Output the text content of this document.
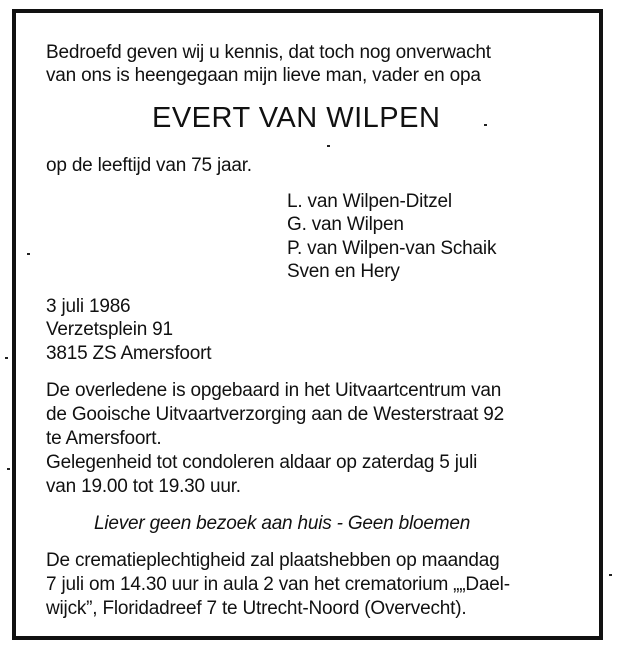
Bedroefd geven wij u kennis, dat toch nog onverwacht
van ons is heengegaan mijn lieve man, vader en opa
EVERT VAN WILPEN
op de leeftijd van 75 jaar.
L. van Wilpen-Ditzel
G. van Wilpen
P. van Wilpen-van Schaik
Sven en Hery
3 juli 1986
Verzetsplein 91
3815 ZS Amersfoort
De overledene is opgebaard in het Uitvaartcentrum van
de Gooische Uitvaartverzorging aan de Westerstraat 92
te Amersfoort.
Gelegenheid tot condoleren aldaar op zaterdag 5 juli
van 19.00 tot 19.30 uur.
Liever geen bezoek aan huis - Geen bloemen
De crematieplechtigheid zal plaatshebben op maandag
7 juli om 14.30 uur in aula 2 van het crematorium „„Dael-
wijck”, Floridadreef 7 te Utrecht-Noord (Overvecht).
